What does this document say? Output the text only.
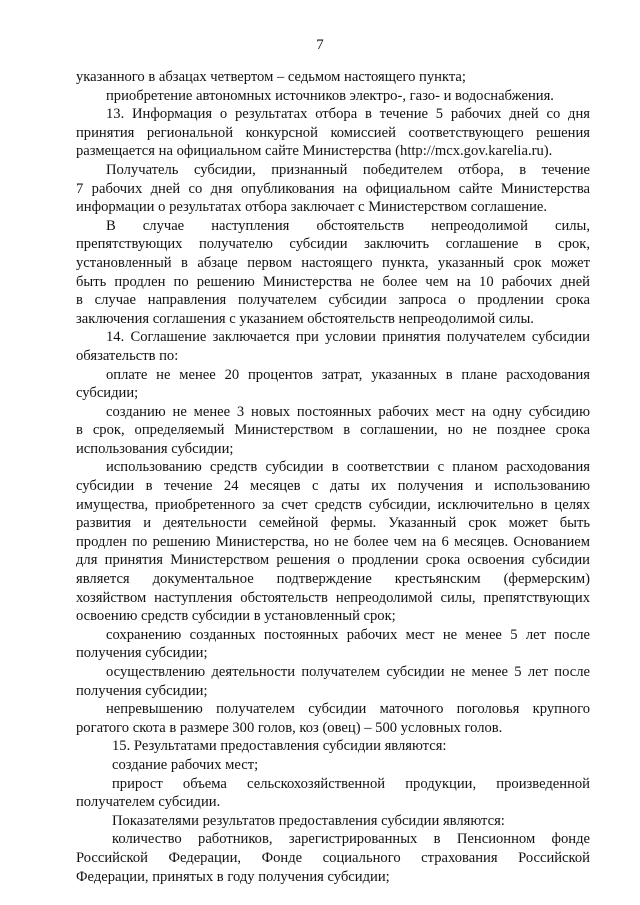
7
указанного в абзацах четвертом – седьмом настоящего пункта;
приобретение автономных источников электро-, газо- и водоснабжения.
13. Информация о результатах отбора в течение 5 рабочих дней со дня
принятия региональной конкурсной комиссией соответствующего решения
размещается на официальном сайте Министерства (http://mcx.gov.karelia.ru).
Получатель субсидии, признанный победителем отбора, в течение
7 рабочих дней со дня опубликования на официальном сайте Министерства
информации о результатах отбора заключает с Министерством соглашение.
В случае наступления обстоятельств непреодолимой силы,
препятствующих получателю субсидии заключить соглашение в срок,
установленный в абзаце первом настоящего пункта, указанный срок может
быть продлен по решению Министерства не более чем на 10 рабочих дней
в случае направления получателем субсидии запроса о продлении срока
заключения соглашения с указанием обстоятельств непреодолимой силы.
14. Соглашение заключается при условии принятия получателем субсидии
обязательств по:
оплате не менее 20 процентов затрат, указанных в плане расходования
субсидии;
созданию не менее 3 новых постоянных рабочих мест на одну субсидию
в срок, определяемый Министерством в соглашении, но не позднее срока
использования субсидии;
использованию средств субсидии в соответствии с планом расходования
субсидии в течение 24 месяцев с даты их получения и использованию
имущества, приобретенного за счет средств субсидии, исключительно в целях
развития и деятельности семейной фермы. Указанный срок может быть
продлен по решению Министерства, но не более чем на 6 месяцев. Основанием
для принятия Министерством решения о продлении срока освоения субсидии
является документальное подтверждение крестьянским (фермерским)
хозяйством наступления обстоятельств непреодолимой силы, препятствующих
освоению средств субсидии в установленный срок;
сохранению созданных постоянных рабочих мест не менее 5 лет после
получения субсидии;
осуществлению деятельности получателем субсидии не менее 5 лет после
получения субсидии;
непревышению получателем субсидии маточного поголовья крупного
рогатого скота в размере 300 голов, коз (овец) – 500 условных голов.
15. Результатами предоставления субсидии являются:
создание рабочих мест;
прирост объема сельскохозяйственной продукции, произведенной
получателем субсидии.
Показателями результатов предоставления субсидии являются:
количество работников, зарегистрированных в Пенсионном фонде
Российской Федерации, Фонде социального страхования Российской
Федерации, принятых в году получения субсидии;
